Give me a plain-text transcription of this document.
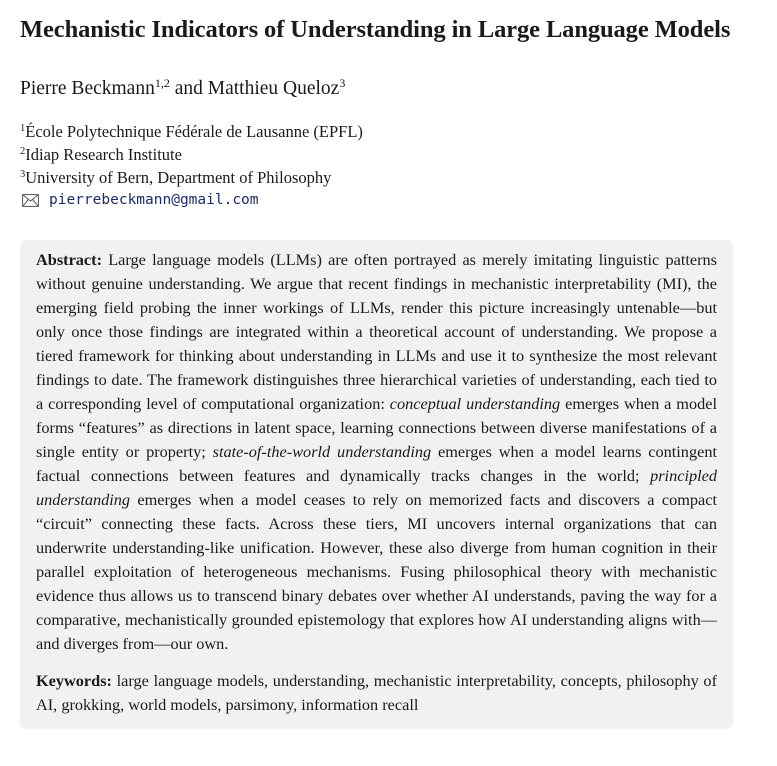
Mechanistic Indicators of Understanding in Large Language Models
Pierre Beckmann$^{1,2}$ and Matthieu Queloz$^3$
$^1$École Polytechnique Fédérale de Lausanne (EPFL)
$^2$Idiap Research Institute
$^3$University of Bern, Department of Philosophy
pierrebeckmann@gmail.com

Abstract: Large language models (LLMs) are often portrayed as merely imitating linguistic patterns without genuine understanding. We argue that recent findings in mechanistic interpretability (MI), the emerging field probing the inner workings of LLMs, render this picture increasingly untenable—but only once those findings are integrated within a theoretical account of understanding. We propose a tiered framework for thinking about understanding in LLMs and use it to synthesize the most relevant findings to date. The framework distinguishes three hierarchical varieties of understanding, each tied to a corresponding level of computational organization: conceptual understanding emerges when a model forms “features” as directions in latent space, learning connections between diverse manifestations of a single entity or property; state-of-the-world understanding emerges when a model learns contingent factual connections between features and dynamically tracks changes in the world; principled understanding emerges when a model ceases to rely on memorized facts and discovers a compact “circuit” connecting these facts. Across these tiers, MI uncovers internal organizations that can underwrite understanding-like unification. However, these also diverge from human cognition in their parallel exploitation of heterogeneous mechanisms. Fusing philosophical theory with mechanistic evidence thus allows us to transcend binary debates over whether AI understands, paving the way for a comparative, mechanistically grounded epistemology that explores how AI understanding aligns with—and diverges from—our own.

Keywords: large language models, understanding, mechanistic interpretability, concepts, philosophy of AI, grokking, world models, parsimony, information recall
